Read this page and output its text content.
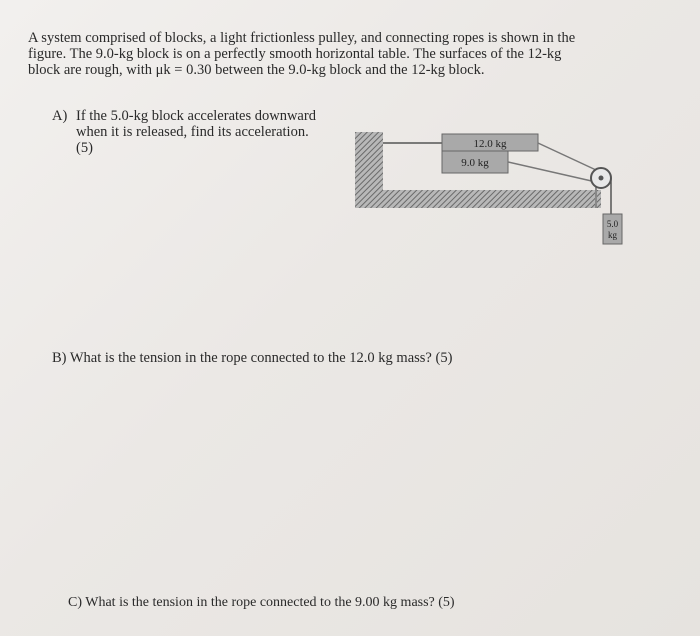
A system comprised of blocks, a light frictionless pulley, and connecting ropes is shown in the
figure. The 9.0-kg block is on a perfectly smooth horizontal table. The surfaces of the 12-kg
block are rough, with μk = 0.30 between the 9.0-kg block and the 12-kg block.
A) If the 5.0-kg block accelerates downward
when it is released, find its acceleration.
(5)	12.0 kg
9.0 kg
5.0
kg
B) What is the tension in the rope connected to the 12.0 kg mass? (5)
C) What is the tension in the rope connected to the 9.00 kg mass? (5)
